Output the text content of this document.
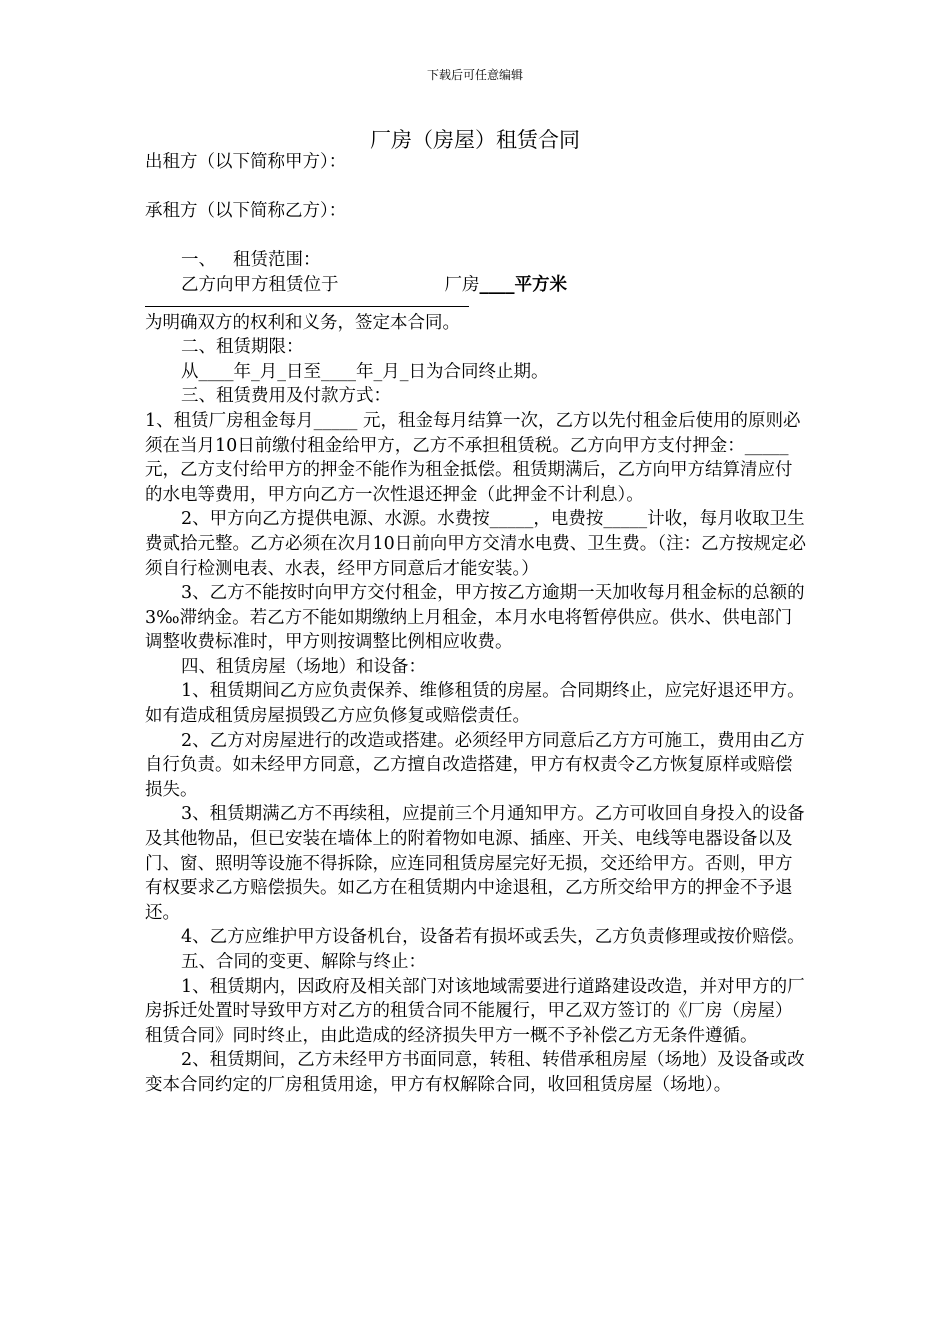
下载后可任意编辑
厂房（房屋）租赁合同

出租方（以下简称甲方）：

承租方（以下简称乙方）：

一、 租赁范围：

乙方向甲方租赁位于	厂房____平方米

为明确双方的权利和义务，签定本合同。

二、租赁期限：

从____年_月_日至____年_月_日为合同终止期。

三、租赁费用及付款方式：

1、租赁厂房租金每月_____ 元，租金每月结算一次，乙方以先付租金后使用的原则必须在当月10日前缴付租金给甲方，乙方不承担租赁税。乙方向甲方支付押金：_____元，乙方支付给甲方的押金不能作为租金抵偿。租赁期满后，乙方向甲方结算清应付的水电等费用，甲方向乙方一次性退还押金（此押金不计利息）。

2、甲方向乙方提供电源、水源。水费按_____，电费按_____计收，每月收取卫生费贰拾元整。乙方必须在次月10日前向甲方交清水电费、卫生费。（注：乙方按规定必须自行检测电表、水表，经甲方同意后才能安装。）

3、乙方不能按时向甲方交付租金，甲方按乙方逾期一天加收每月租金标的总额的3‰滞纳金。若乙方不能如期缴纳上月租金，本月水电将暂停供应。供水、供电部门调整收费标准时，甲方则按调整比例相应收费。

四、租赁房屋（场地）和设备：

1、租赁期间乙方应负责保养、维修租赁的房屋。合同期终止，应完好退还甲方。如有造成租赁房屋损毁乙方应负修复或赔偿责任。

2、乙方对房屋进行的改造或搭建。必须经甲方同意后乙方方可施工，费用由乙方自行负责。如未经甲方同意，乙方擅自改造搭建，甲方有权责令乙方恢复原样或赔偿损失。

3、租赁期满乙方不再续租，应提前三个月通知甲方。乙方可收回自身投入的设备及其他物品，但已安装在墙体上的附着物如电源、插座、开关、电线等电器设备以及门、窗、照明等设施不得拆除，应连同租赁房屋完好无损，交还给甲方。否则，甲方有权要求乙方赔偿损失。如乙方在租赁期内中途退租，乙方所交给甲方的押金不予退还。

4、乙方应维护甲方设备机台，设备若有损坏或丢失，乙方负责修理或按价赔偿。

五、合同的变更、解除与终止：

1、租赁期内，因政府及相关部门对该地域需要进行道路建设改造，并对甲方的厂房拆迁处置时导致甲方对乙方的租赁合同不能履行，甲乙双方签订的《厂房（房屋）租赁合同》同时终止，由此造成的经济损失甲方一概不予补偿乙方无条件遵循。

2、租赁期间，乙方未经甲方书面同意，转租、转借承租房屋（场地）及设备或改变本合同约定的厂房租赁用途，甲方有权解除合同，收回租赁房屋（场地）。
